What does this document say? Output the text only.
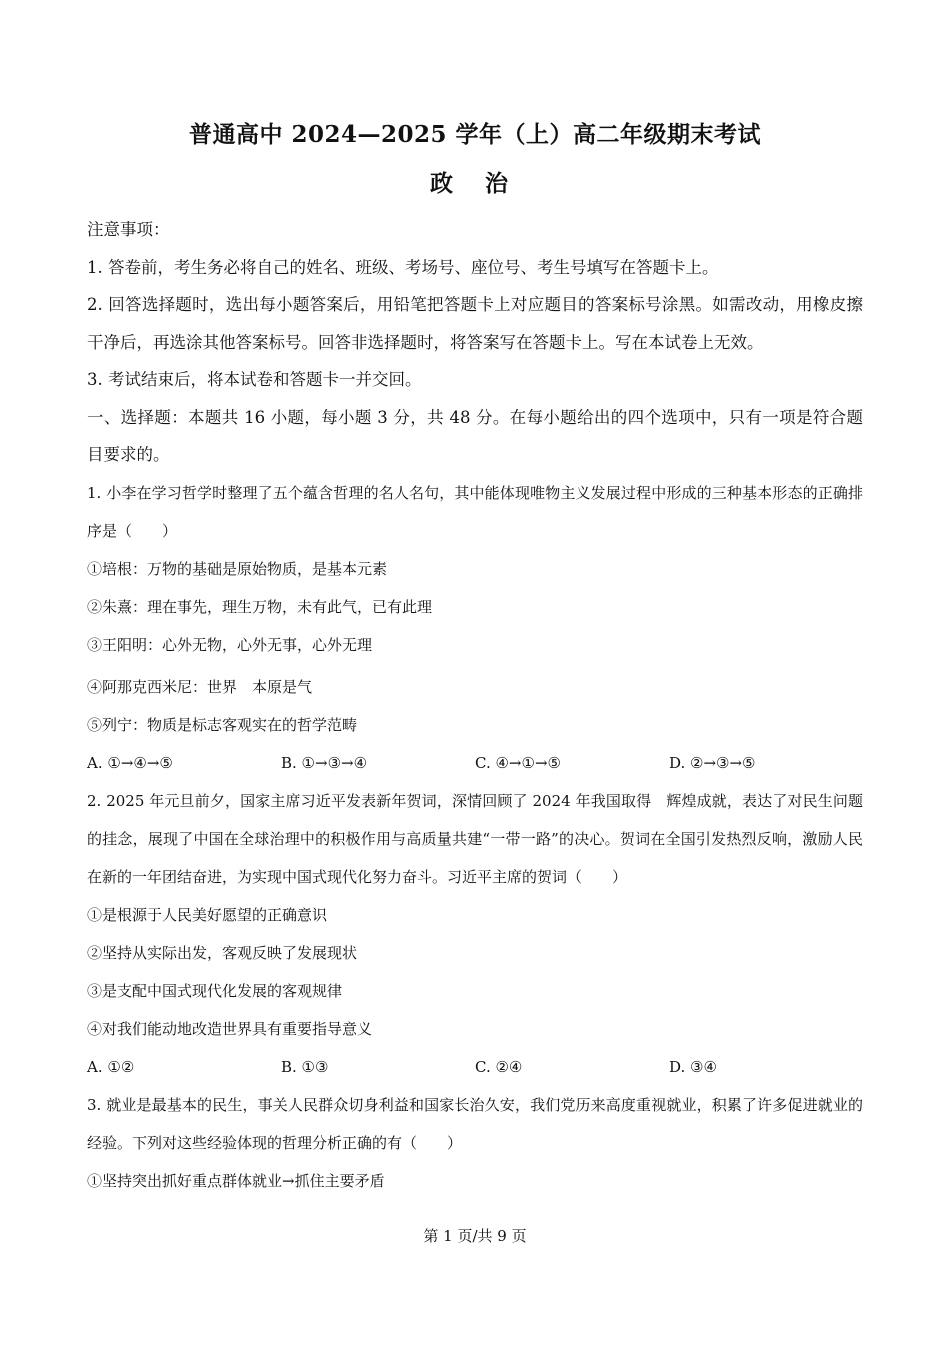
普通高中 2024—2025 学年（上）高二年级期末考试
政 治

注意事项：

1. 答卷前，考生务必将自己的姓名、班级、考场号、座位号、考生号填写在答题卡上。

2. 回答选择题时，选出每小题答案后，用铅笔把答题卡上对应题目的答案标号涂黑。如需改动，用橡皮擦干净后，再选涂其他答案标号。回答非选择题时，将答案写在答题卡上。写在本试卷上无效。

3. 考试结束后，将本试卷和答题卡一并交回。

一、选择题：本题共 16 小题，每小题 3 分，共 48 分。在每小题给出的四个选项中，只有一项是符合题目要求的。

1. 小李在学习哲学时整理了五个蕴含哲理的名人名句，其中能体现唯物主义发展过程中形成的三种基本形态的正确排序是（　　）

①培根：万物的基础是原始物质，是基本元素

②朱熹：理在事先，理生万物，未有此气，已有此理

③王阳明：心外无物，心外无事，心外无理

④阿那克西米尼：世界　本原是气

⑤列宁：物质是标志客观实在的哲学范畴

A. ①→④→⑤	B. ①→③→④	C. ④→①→⑤	D. ②→③→⑤

2. 2025 年元旦前夕，国家主席习近平发表新年贺词，深情回顾了 2024 年我国取得　辉煌成就，表达了对民生问题的挂念，展现了中国在全球治理中的积极作用与高质量共建“一带一路”的决心。贺词在全国引发热烈反响，激励人民在新的一年团结奋进，为实现中国式现代化努力奋斗。习近平主席的贺词（　　）

①是根源于人民美好愿望的正确意识

②坚持从实际出发，客观反映了发展现状

③是支配中国式现代化发展的客观规律

④对我们能动地改造世界具有重要指导意义

A. ①②	B. ①③	C. ②④	D. ③④

3. 就业是最基本的民生，事关人民群众切身利益和国家长治久安，我们党历来高度重视就业，积累了许多促进就业的经验。下列对这些经验体现的哲理分析正确的有（　　）

①坚持突出抓好重点群体就业→抓住主要矛盾

第 1 页/共 9 页
